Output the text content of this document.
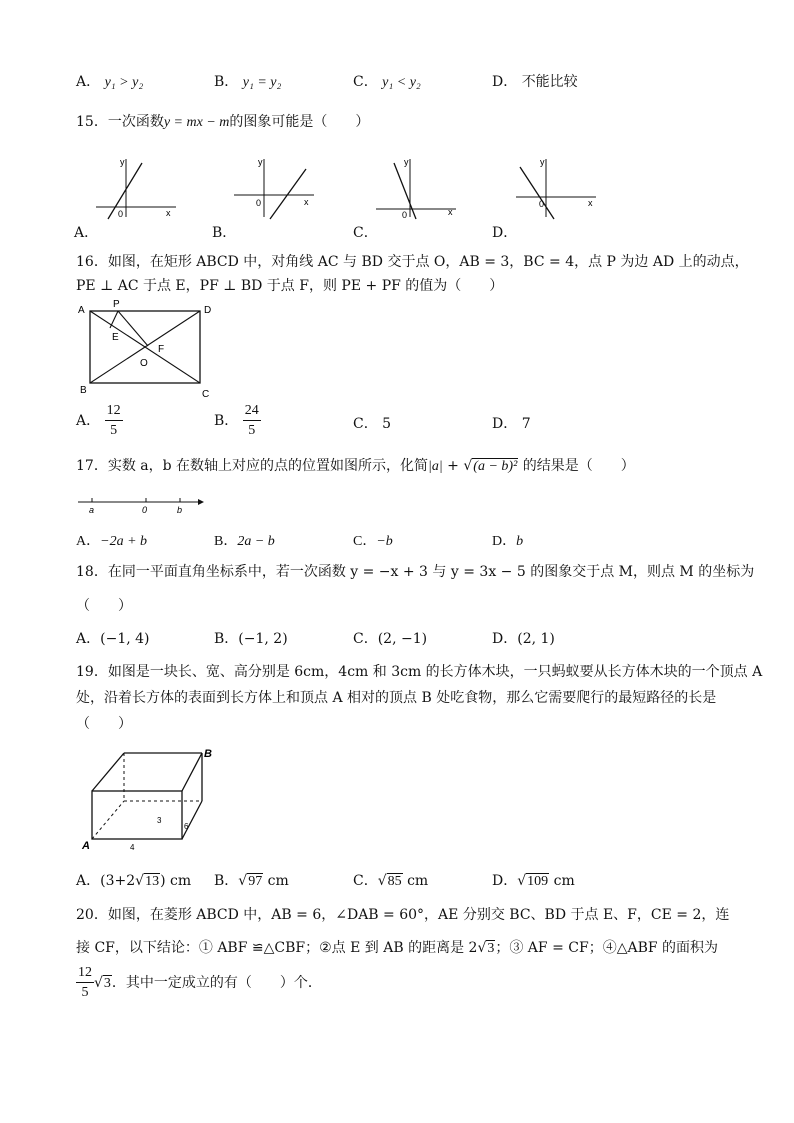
A． y₁ > y₂	B． y₁ = y₂	C． y₁ < y₂	D． 不能比较
15．一次函数y = mx − m的图象可能是（　　）
y
x
0
A．
y
x
0
B．
y
x
0
C．
y
x
0
D．
16．如图，在矩形 ABCD 中，对角线 AC 与 BD 交于点 O，AB = 3，BC = 4，点 P 为边 AD 上的动点，
PE ⊥ AC 于点 E，PF ⊥ BD 于点 F，则 PE + PF 的值为（　　）
A	D
B	C
P
E
F
O
A． $\frac{12}{5}$	B． $\frac{24}{5}$	C． 5	D． 7
17．实数 a，b 在数轴上对应的点的位置如图所示，化简|a| + √(a − b)² 的结果是（　　）
a	0	b
A．−2a + b	B．2a − b	C．−b	D．b
18．在同一平面直角坐标系中，若一次函数 y = −x + 3 与 y = 3x − 5 的图象交于点 M，则点 M 的坐标为
（　　）
A．(−1, 4)	B．(−1, 2)	C．(2, −1)	D．(2, 1)
19．如图是一块长、宽、高分别是 6cm，4cm 和 3cm 的长方体木块，一只蚂蚁要从长方体木块的一个顶点 A
处，沿着长方体的表面到长方体上和顶点 A 相对的顶点 B 处吃食物，那么它需要爬行的最短路径的长是
（　　）
A
B
3
4
6
A．(3+2√13) cm B．√97 cm	C．√85 cm	D．√109 cm
20．如图，在菱形 ABCD 中，AB = 6，∠DAB = 60°，AE 分别交 BC、BD 于点 E、F，CE = 2，连
接 CF，以下结论：① ABF ≌△CBF；②点 E 到 AB 的距离是 2√3；③ AF = CF；④△ABF 的面积为
$\frac{12}{5} √3$．其中一定成立的有（　　）个．
